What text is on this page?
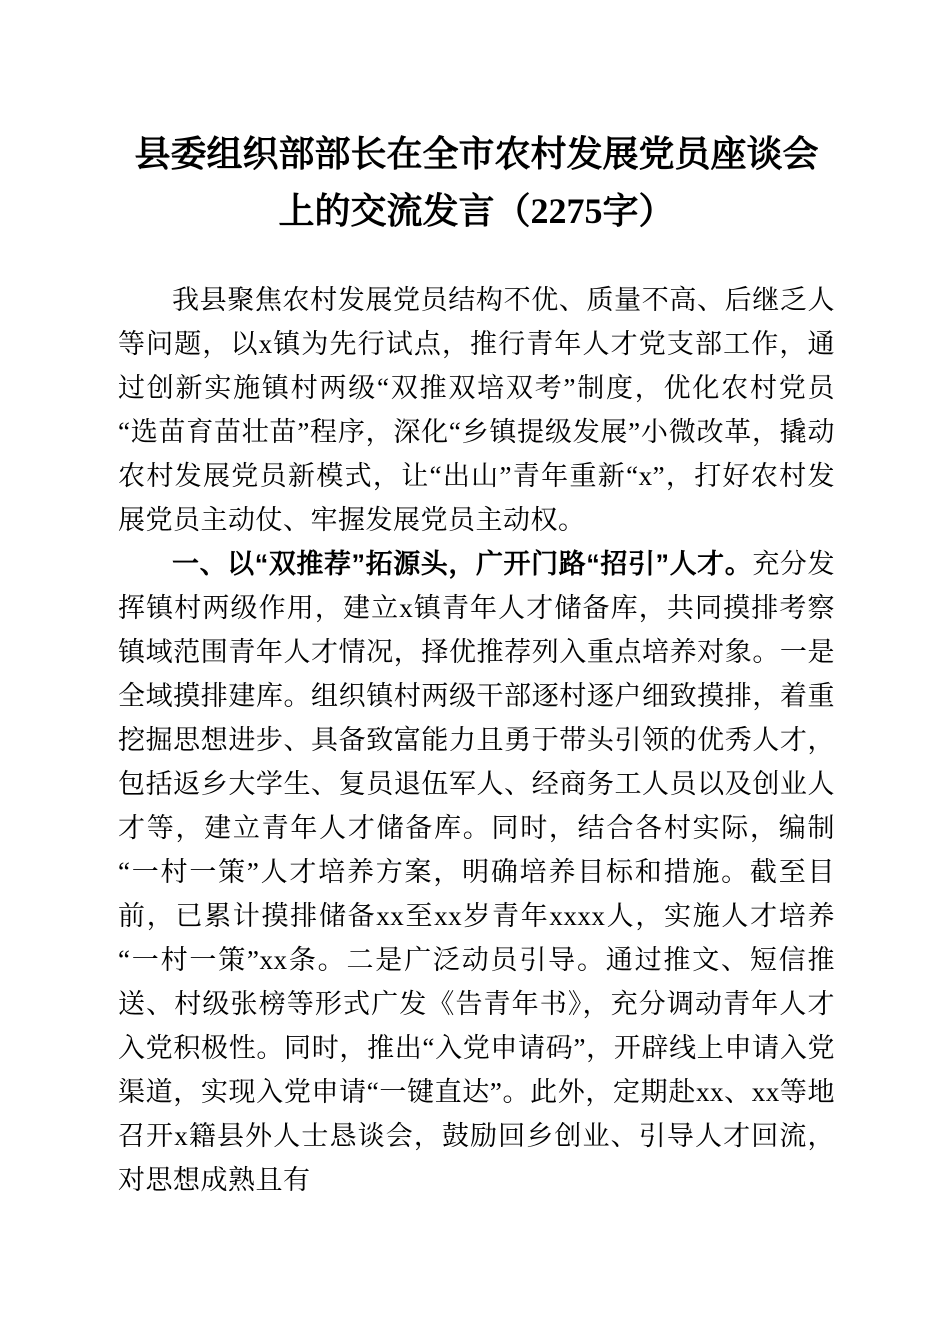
县委组织部部长在全市农村发展党员座谈会上的交流发言（2275字）

我县聚焦农村发展党员结构不优、质量不高、后继乏人等问题，以x镇为先行试点，推行青年人才党支部工作，通过创新实施镇村两级“双推双培双考”制度，优化农村党员“选苗育苗壮苗”程序，深化“乡镇提级发展”小微改革，撬动农村发展党员新模式，让“出山”青年重新“x”，打好农村发展党员主动仗、牢握发展党员主动权。

一、以“双推荐”拓源头，广开门路“招引”人才。充分发挥镇村两级作用，建立x镇青年人才储备库，共同摸排考察镇域范围青年人才情况，择优推荐列入重点培养对象。一是全域摸排建库。组织镇村两级干部逐村逐户细致摸排，着重挖掘思想进步、具备致富能力且勇于带头引领的优秀人才，包括返乡大学生、复员退伍军人、经商务工人员以及创业人才等，建立青年人才储备库。同时，结合各村实际，编制“一村一策”人才培养方案，明确培养目标和措施。截至目前，已累计摸排储备xx至xx岁青年xxxx人，实施人才培养“一村一策”xx条。二是广泛动员引导。通过推文、短信推送、村级张榜等形式广发《告青年书》，充分调动青年人才入党积极性。同时，推出“入党申请码”，开辟线上申请入党渠道，实现入党申请“一键直达”。此外，定期赴xx、xx等地召开x籍县外人士恳谈会，鼓励回乡创业、引导人才回流，对思想成熟且有
